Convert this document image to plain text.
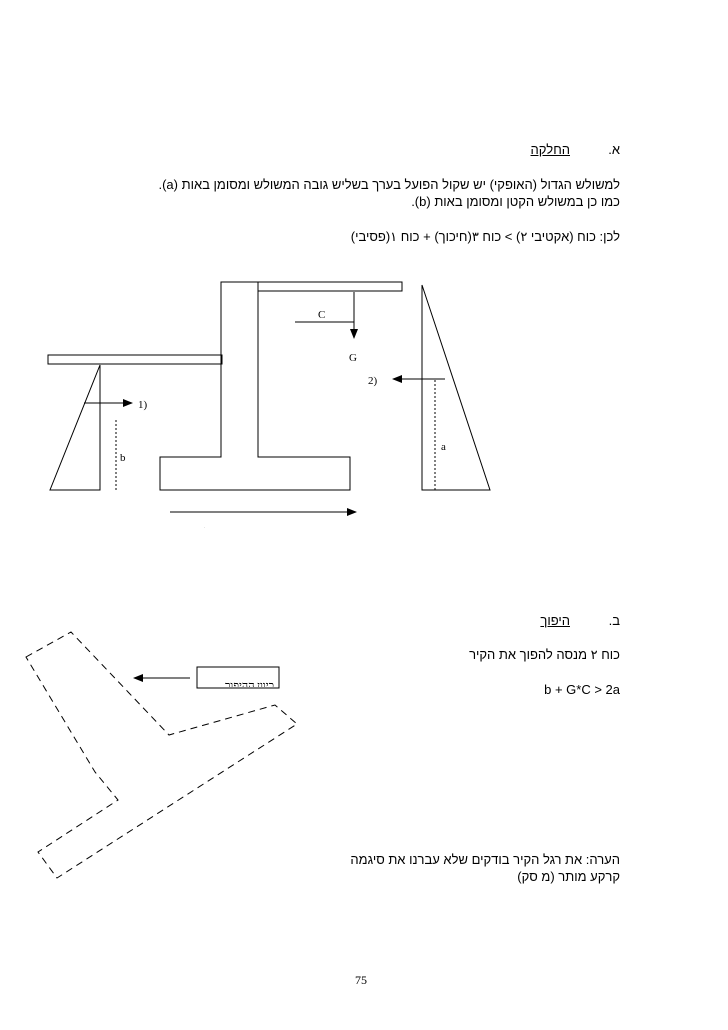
א.
החלקה
למשולש הגדול (האופקי) יש שקול הפועל בערך בשליש גובה המשולש ומסומן באות (a).
כמו כן במשולש הקטן ומסומן באות (b).
לכן: כוח (אקטיבי ٢) > כוח ٣(חיכוך) + כוח ١(פסיבי)
C
G
2)
1)
a
b
כיוון (H ٣)
כיוון ההיפוך
ב.
היפוך
כוח ٢ מנסה להפוך את הקיר
b + G*C > 2a
הערה: את רגל הקיר בודקים שלא עברנו את סיגמה
קרקע מותר (מ סק)
75
